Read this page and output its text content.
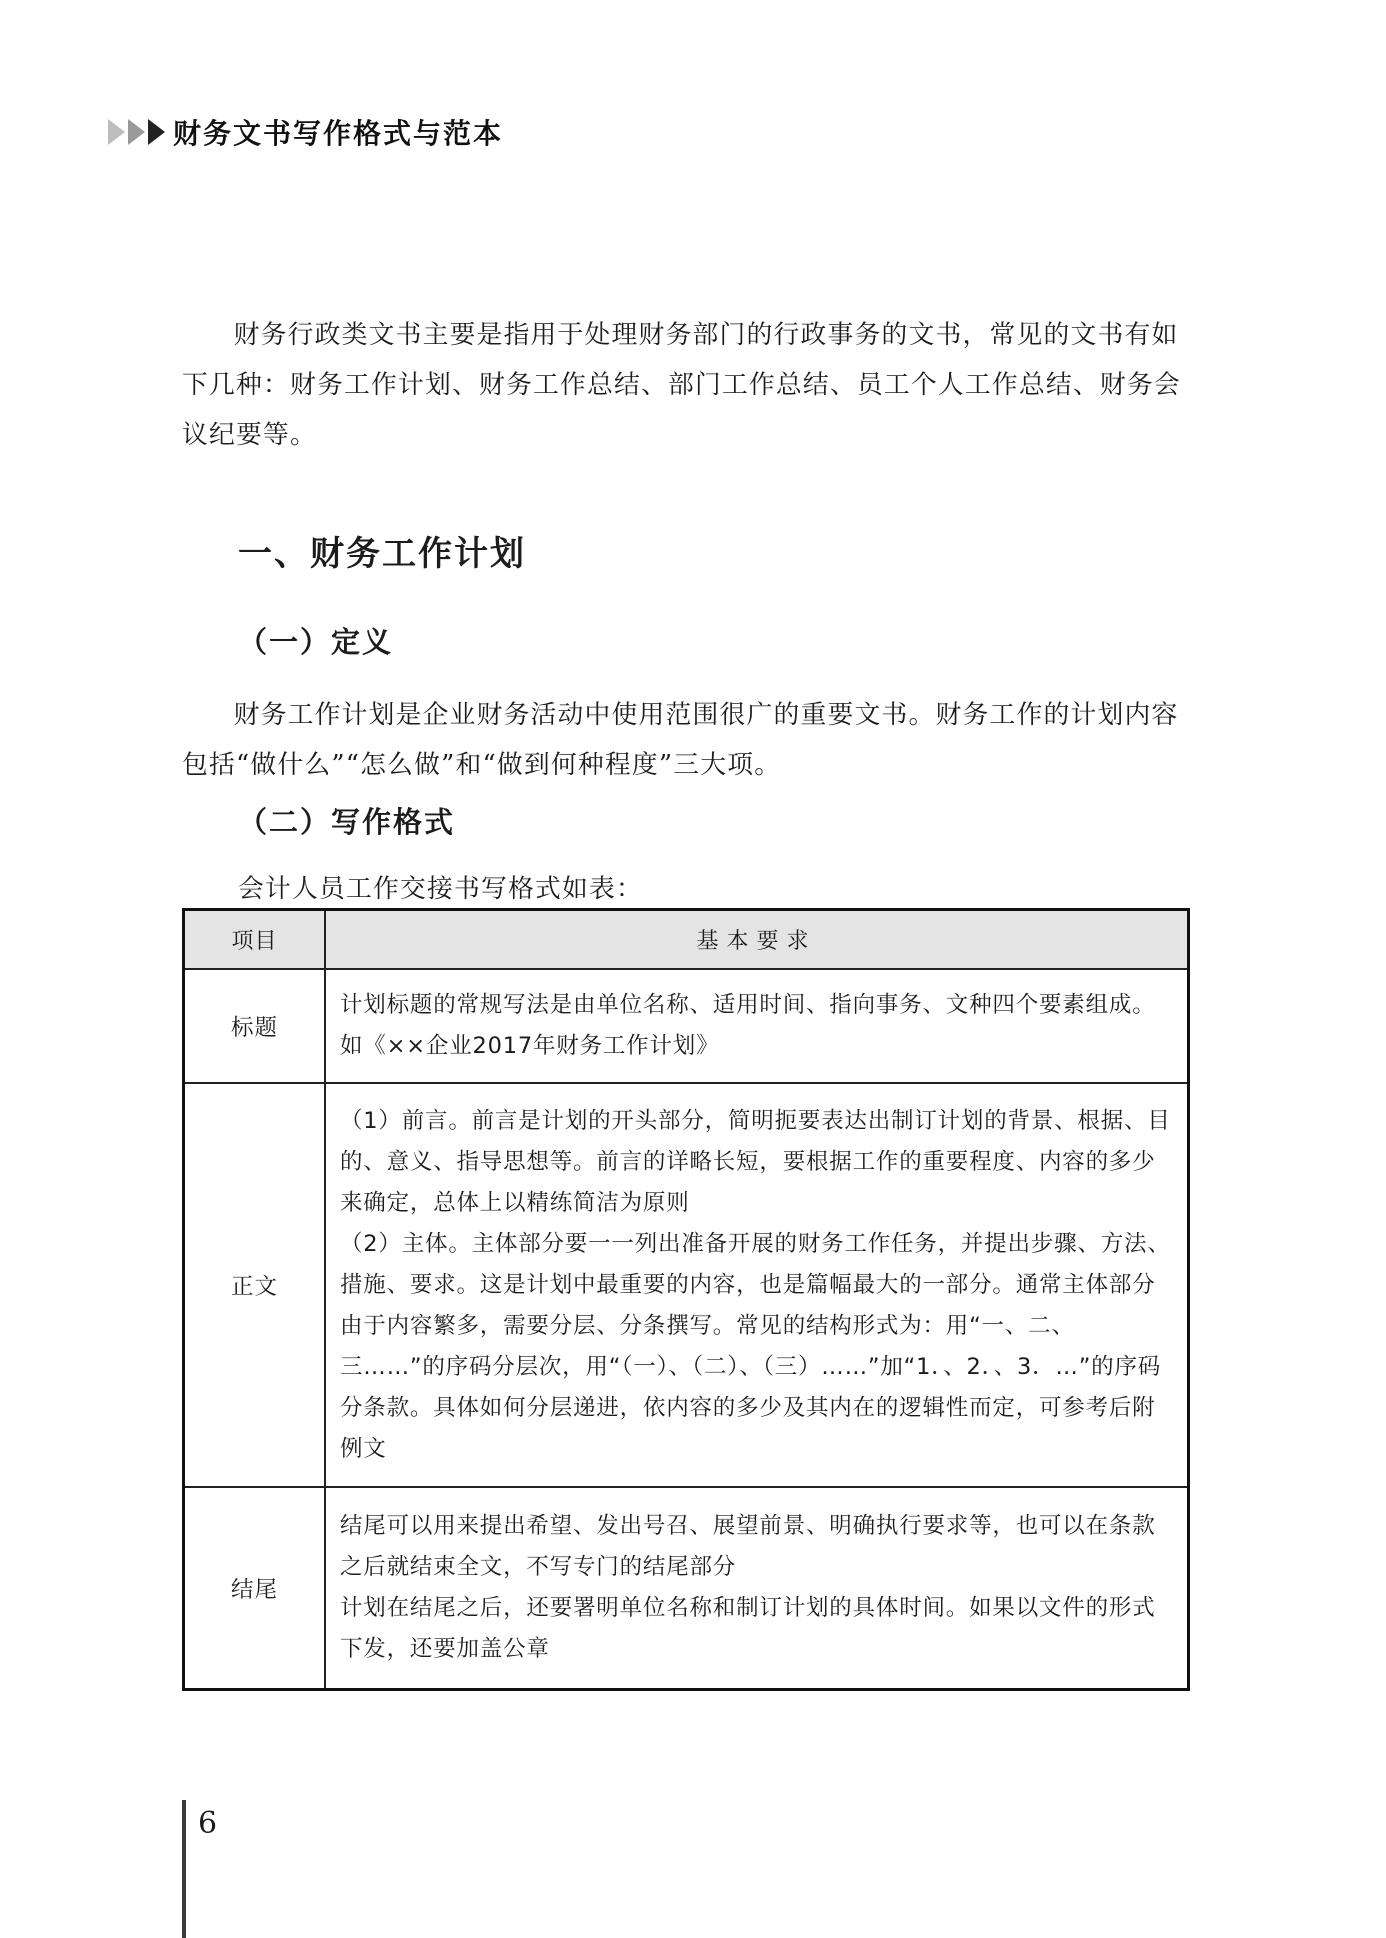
财务文书写作格式与范本

财务行政类文书主要是指用于处理财务部门的行政事务的文书，常见的文书有如下几种：财务工作计划、财务工作总结、部门工作总结、员工个人工作总结、财务会议纪要等。

一、财务工作计划
（一）定义

财务工作计划是企业财务活动中使用范围很广的重要文书。财务工作的计划内容包括“做什么”“怎么做”和“做到何种程度”三大项。

（二）写作格式

会计人员工作交接书写格式如表：

项目	基本要求
标题	计划标题的常规写法是由单位名称、适用时间、指向事务、文种四个要素组成。如《××企业2017年财务工作计划》

正文	（1）前言。前言是计划的开头部分，简明扼要表达出制订计划的背景、根据、目的、意义、指导思想等。前言的详略长短，要根据工作的重要程度、内容的多少来确定，总体上以精练简洁为原则
（2）主体。主体部分要一一列出准备开展的财务工作任务，并提出步骤、方法、措施、要求。这是计划中最重要的内容，也是篇幅最大的一部分。通常主体部分由于内容繁多，需要分层、分条撰写。常见的结构形式为：用“一、二、三……”的序码分层次，用“（一）、（二）、（三）……”加“1．、2．、3．…”的序码分条款。具体如何分层递进，依内容的多少及其内在的逻辑性而定，可参考后附例文

结尾	结尾可以用来提出希望、发出号召、展望前景、明确执行要求等，也可以在条款之后就结束全文，不写专门的结尾部分
计划在结尾之后，还要署明单位名称和制订计划的具体时间。如果以文件的形式下发，还要加盖公章

6
